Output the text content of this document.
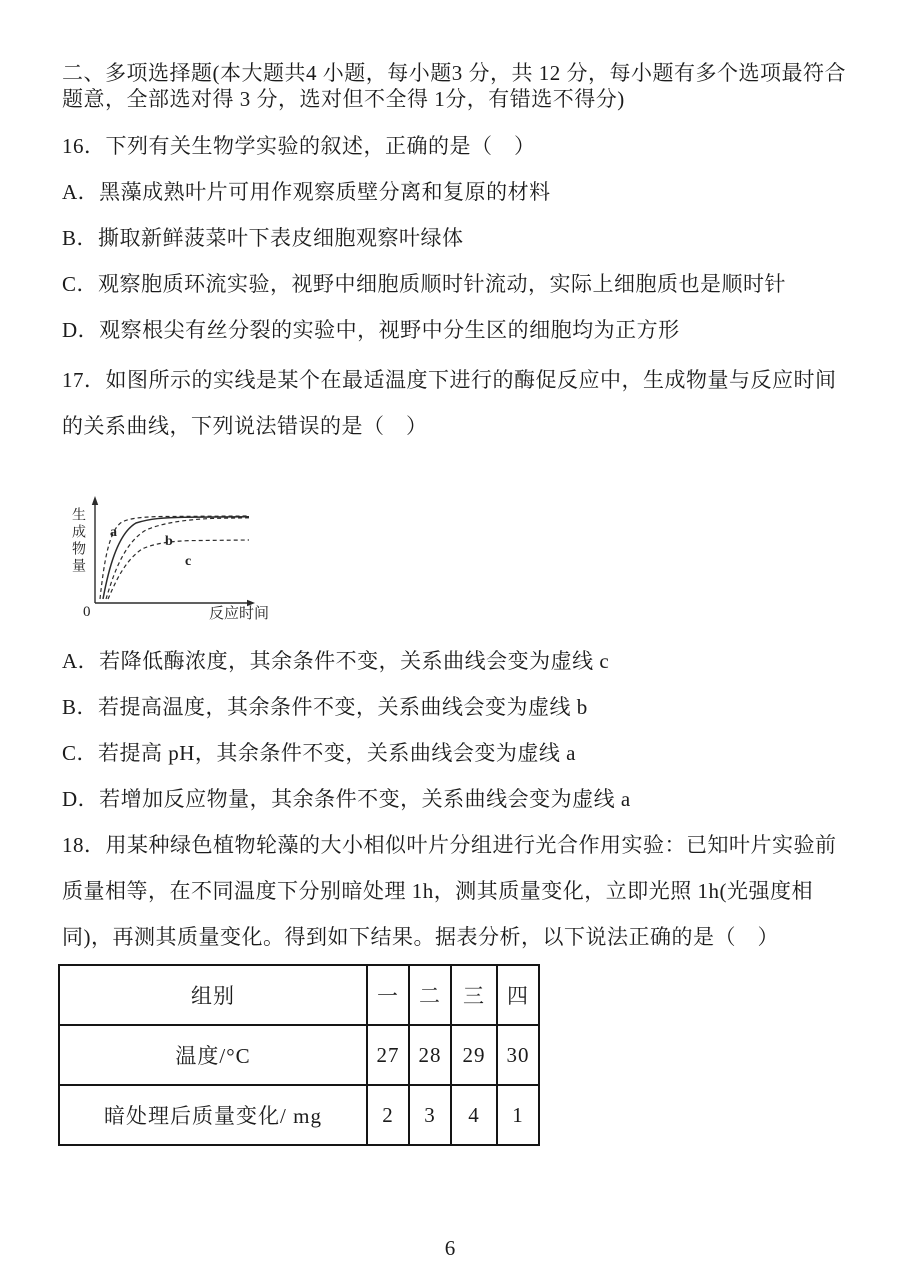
二、多项选择题(本大题共4 小题，每小题3 分，共 12 分，每小题有多个选项最符合
题意，全部选对得 3 分，选对但不全得 1分，有错选不得分)
16．下列有关生物学实验的叙述，正确的是（　）
A．黑藻成熟叶片可用作观察质壁分离和复原的材料
B．撕取新鲜菠菜叶下表皮细胞观察叶绿体
C．观察胞质环流实验，视野中细胞质顺时针流动，实际上细胞质也是顺时针
D．观察根尖有丝分裂的实验中，视野中分生区的细胞均为正方形
17．如图所示的实线是某个在最适温度下进行的酶促反应中，生成物量与反应时间
的关系曲线，下列说法错误的是（　）
生成物量
反应时间
0
a
b
c
A．若降低酶浓度，其余条件不变，关系曲线会变为虚线 c
B．若提高温度，其余条件不变，关系曲线会变为虚线 b
C．若提高 pH，其余条件不变，关系曲线会变为虚线 a
D．若增加反应物量，其余条件不变，关系曲线会变为虚线 a
18．用某种绿色植物轮藻的大小相似叶片分组进行光合作用实验：已知叶片实验前
质量相等，在不同温度下分别暗处理 1h，测其质量变化，立即光照 1h(光强度相
同)，再测其质量变化。得到如下结果。据表分析，以下说法正确的是（　）
组别	一	二	三	四
温度/°C	27	28	29	30
暗处理后质量变化/ mg	2	3	4	1
6
